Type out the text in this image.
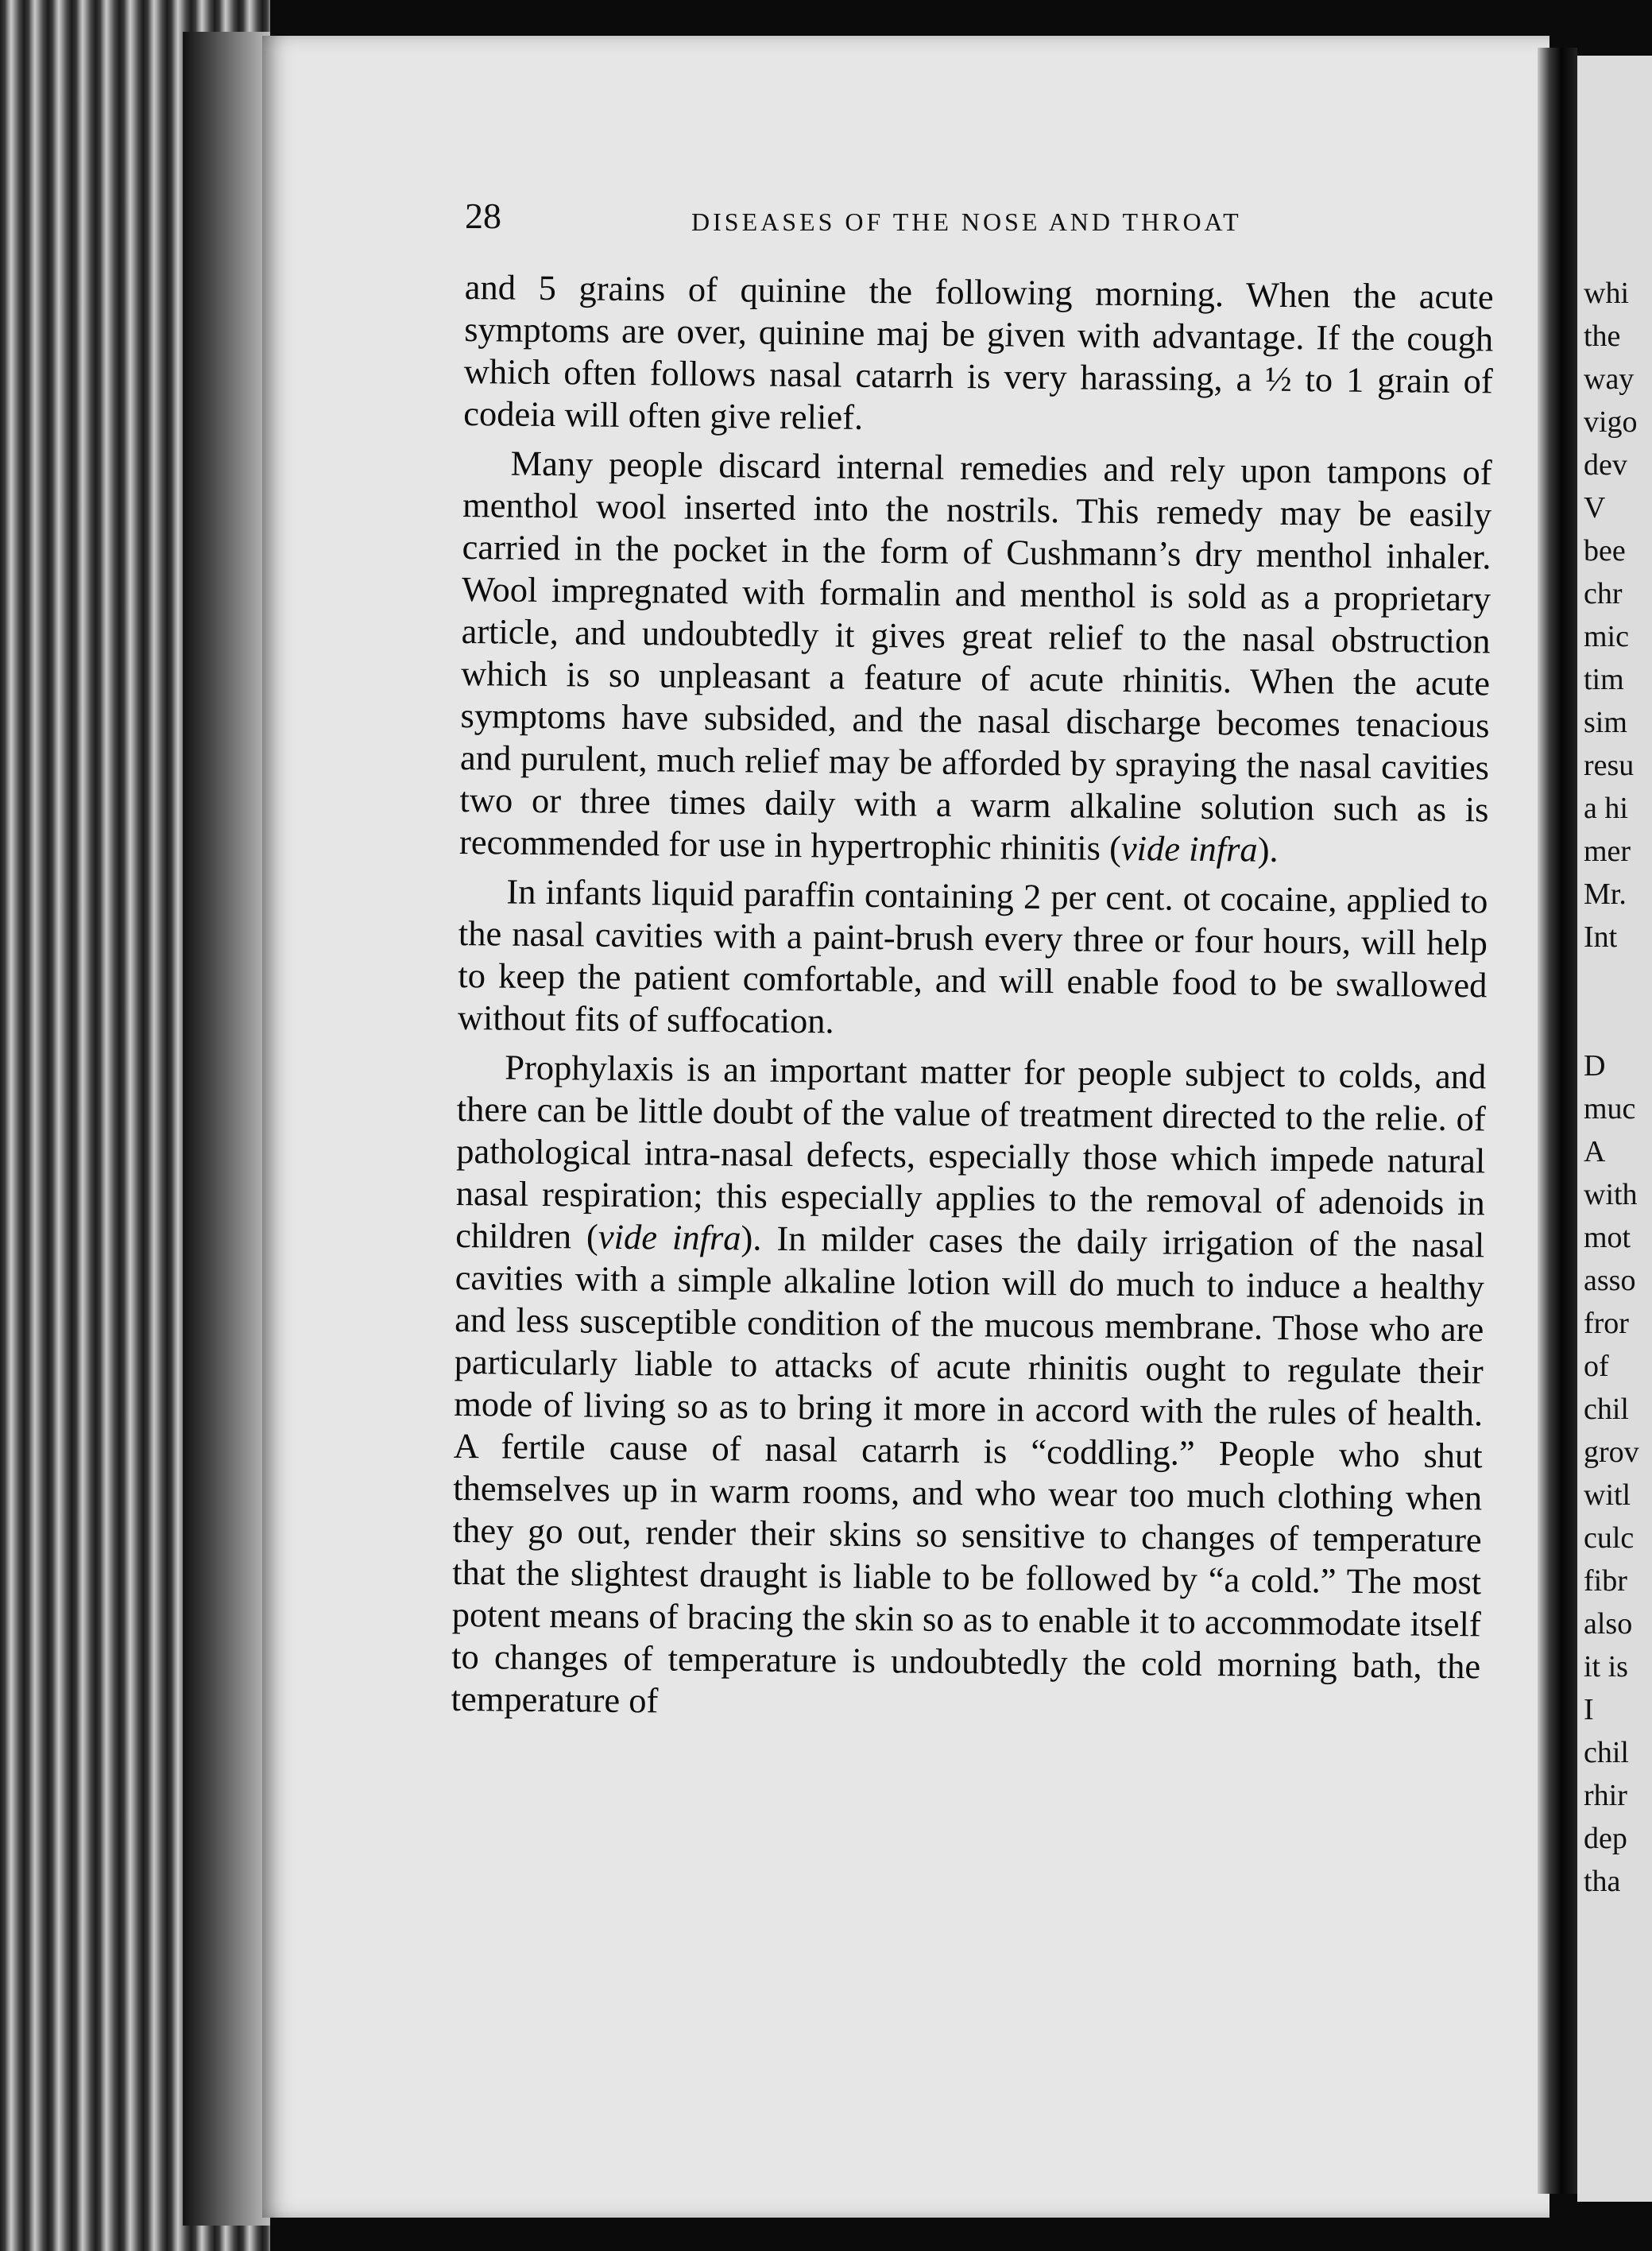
whi
the
way
vigo
dev
V
bee
chr
mic
tim
sim
resu
a hi
mer
Mr.
Int
D
muc
A
with
mot
asso
fror
of
chil
grov
witl
culc
fibr
also
it is
I
chil
rhir
dep
tha
28	DISEASES OF THE NOSE AND THROAT

and 5 grains of quinine the following morning. When the acute symptoms are over, quinine maj be given with advantage. If the cough which often follows nasal catarrh is very harassing, a ½ to 1 grain of codeia will often give relief.

Many people discard internal remedies and rely upon tampons of menthol wool inserted into the nostrils. This remedy may be easily carried in the pocket in the form of Cushmann’s dry menthol inhaler. Wool impregnated with formalin and menthol is sold as a proprietary article, and undoubtedly it gives great relief to the nasal obstruction which is so unpleasant a feature of acute rhinitis. When the acute symptoms have subsided, and the nasal discharge becomes tenacious and purulent, much relief may be afforded by spraying the nasal cavities two or three times daily with a warm alkaline solution such as is recommended for use in hypertrophic rhinitis (vide infra).

In infants liquid paraffin containing 2 per cent. ot cocaine, applied to the nasal cavities with a paint-brush every three or four hours, will help to keep the patient comfortable, and will enable food to be swallowed without fits of suffocation.

Prophylaxis is an important matter for people subject to colds, and there can be little doubt of the value of treatment directed to the relie. of pathological intra-nasal defects, especially those which impede natural nasal respiration; this especially applies to the removal of adenoids in children (vide infra). In milder cases the daily irrigation of the nasal cavities with a simple alkaline lotion will do much to induce a healthy and less susceptible condition of the mucous membrane. Those who are particularly liable to attacks of acute rhinitis ought to regulate their mode of living so as to bring it more in accord with the rules of health. A fertile cause of nasal catarrh is “coddling.” People who shut themselves up in warm rooms, and who wear too much clothing when they go out, render their skins so sensitive to changes of temperature that the slightest draught is liable to be followed by “a cold.” The most potent means of bracing the skin so as to enable it to accommodate itself to changes of temperature is undoubtedly the cold morning bath, the temperature of
